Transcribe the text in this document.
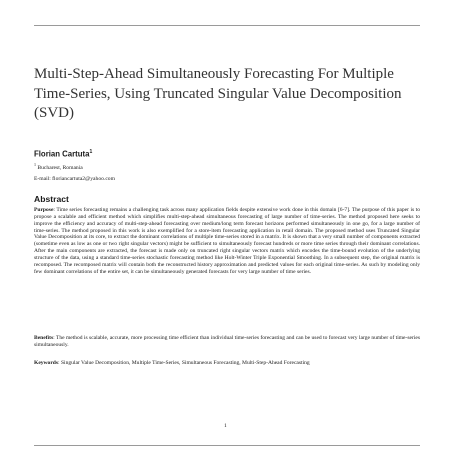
Multi-Step-Ahead Simultaneously Forecasting For Multiple Time-Series, Using Truncated Singular Value Decomposition (SVD)

Florian Cartuta$^1$

$^1$ Bucharest, Romania

E-mail: floriancartuta2@yahoo.com

Abstract

Purpose: Time series forecasting remains a challenging task across many application fields despite extensive work done in this domain [6-7]. The purpose of this paper is to propose a scalable and efficient method which simplifies multi-step-ahead simultaneous forecasting of large number of time-series. The method proposed here seeks to improve the efficiency and accuracy of multi-step-ahead forecasting over medium/long term forecast horizons performed simultaneously in one go, for a large number of time-series. The method proposed in this work is also exemplified for a store-item forecasting application in retail domain. The proposed method uses Truncated Singular Value Decomposition at its core, to extract the dominant correlations of multiple time-series stored in a matrix. It is shown that a very small number of components extracted (sometime even as low as one or two right singular vectors) might be sufficient to simultaneously forecast hundreds or more time series through their dominant correlations. After the main components are extracted, the forecast is made only on truncated right singular vectors matrix which encodes the time-bound evolution of the underlying structure of the data, using a standard time-series stochastic forecasting method like Holt-Winter Triple Exponential Smoothing. In a subsequent step, the original matrix is recomposed. The recomposed matrix will contain both the reconstructed history approximation and predicted values for each original time-series. As such by modeling only few dominant correlations of the entire set, it can be simultaneously generated forecasts for very large number of time series.

Benefits: The method is scalable, accurate, more processing time efficient than individual time-series forecasting and can be used to forecast very large number of time-series simultaneously.

Keywords: Singular Value Decomposition, Multiple Time-Series, Simultaneous Forecasting, Multi-Step-Ahead Forecasting

1
